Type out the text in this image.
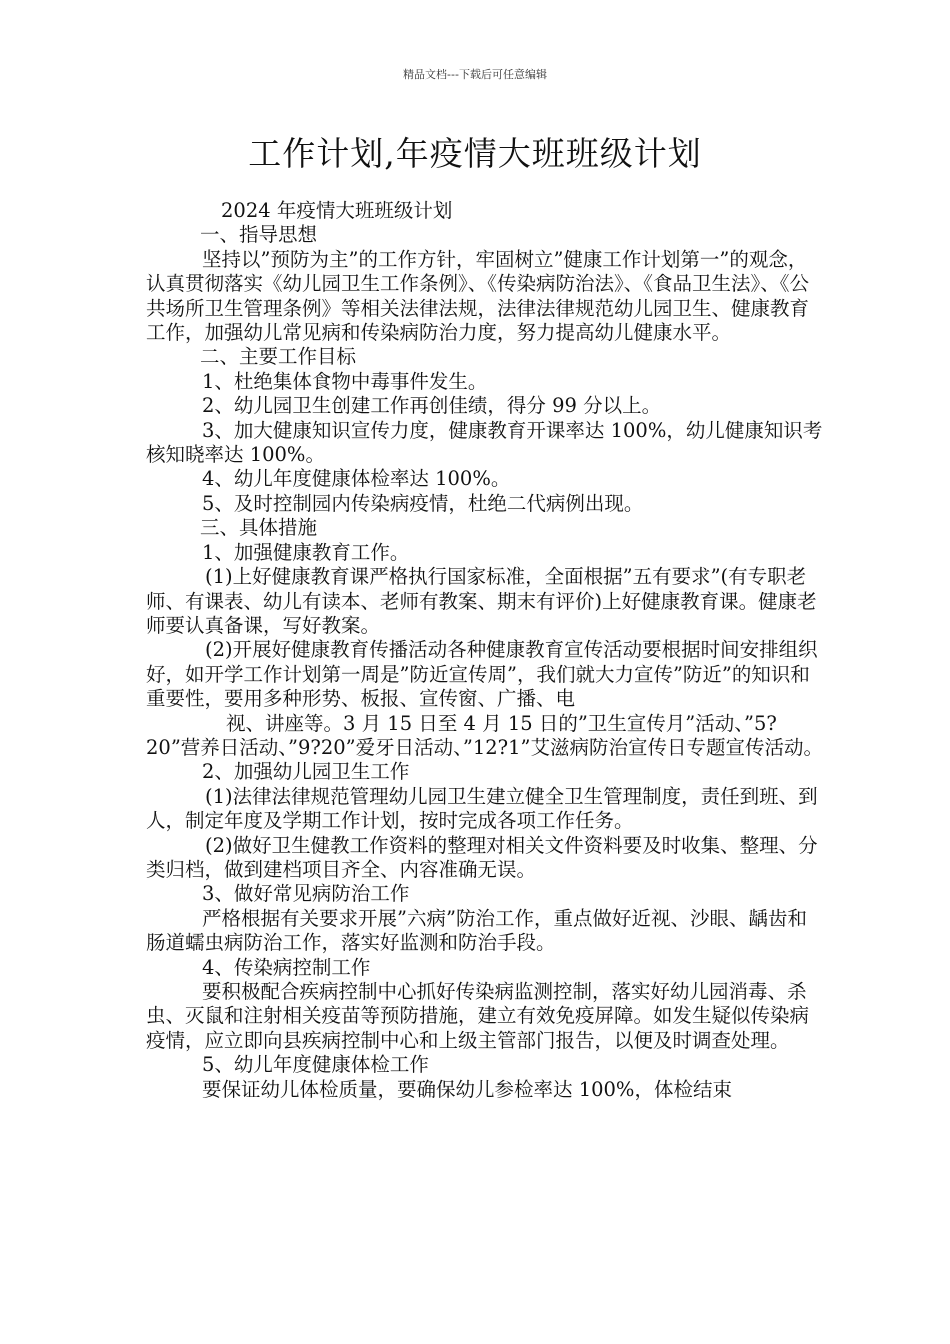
精品文档---下载后可任意编辑
工作计划,年疫情大班班级计划

2024 年疫情大班班级计划

一、指导思想

坚持以”预防为主”的工作方针，牢固树立”健康工作计划第一”的观念，认真贯彻落实《幼儿园卫生工作条例》、《传染病防治法》、《食品卫生法》、《公共场所卫生管理条例》等相关法律法规，法律法律规范幼儿园卫生、健康教育工作，加强幼儿常见病和传染病防治力度，努力提高幼儿健康水平。

二、主要工作目标

1、杜绝集体食物中毒事件发生。

2、幼儿园卫生创建工作再创佳绩，得分 99 分以上。

3、加大健康知识宣传力度，健康教育开课率达 100%，幼儿健康知识考核知晓率达 100%。

4、幼儿年度健康体检率达 100%。

5、及时控制园内传染病疫情，杜绝二代病例出现。

三、具体措施

1、加强健康教育工作。

(1)上好健康教育课严格执行国家标准，全面根据”五有要求”(有专职老师、有课表、幼儿有读本、老师有教案、期末有评价)上好健康教育课。健康老师要认真备课，写好教案。

(2)开展好健康教育传播活动各种健康教育宣传活动要根据时间安排组织好，如开学工作计划第一周是”防近宣传周”，我们就大力宣传”防近”的知识和重要性，要用多种形势、板报、宣传窗、广播、电

视、讲座等。3 月 15 日至 4 月 15 日的”卫生宣传月”活动、”5?20”营养日活动、”9?20”爱牙日活动、”12?1”艾滋病防治宣传日专题宣传活动。

2、加强幼儿园卫生工作

(1)法律法律规范管理幼儿园卫生建立健全卫生管理制度，责任到班、到人，制定年度及学期工作计划，按时完成各项工作任务。

(2)做好卫生健教工作资料的整理对相关文件资料要及时收集、整理、分类归档，做到建档项目齐全、内容准确无误。

3、做好常见病防治工作

严格根据有关要求开展”六病”防治工作，重点做好近视、沙眼、龋齿和肠道蠕虫病防治工作，落实好监测和防治手段。

4、传染病控制工作

要积极配合疾病控制中心抓好传染病监测控制，落实好幼儿园消毒、杀虫、灭鼠和注射相关疫苗等预防措施，建立有效免疫屏障。如发生疑似传染病疫情，应立即向县疾病控制中心和上级主管部门报告，以便及时调查处理。

5、幼儿年度健康体检工作

要保证幼儿体检质量，要确保幼儿参检率达 100%，体检结束
